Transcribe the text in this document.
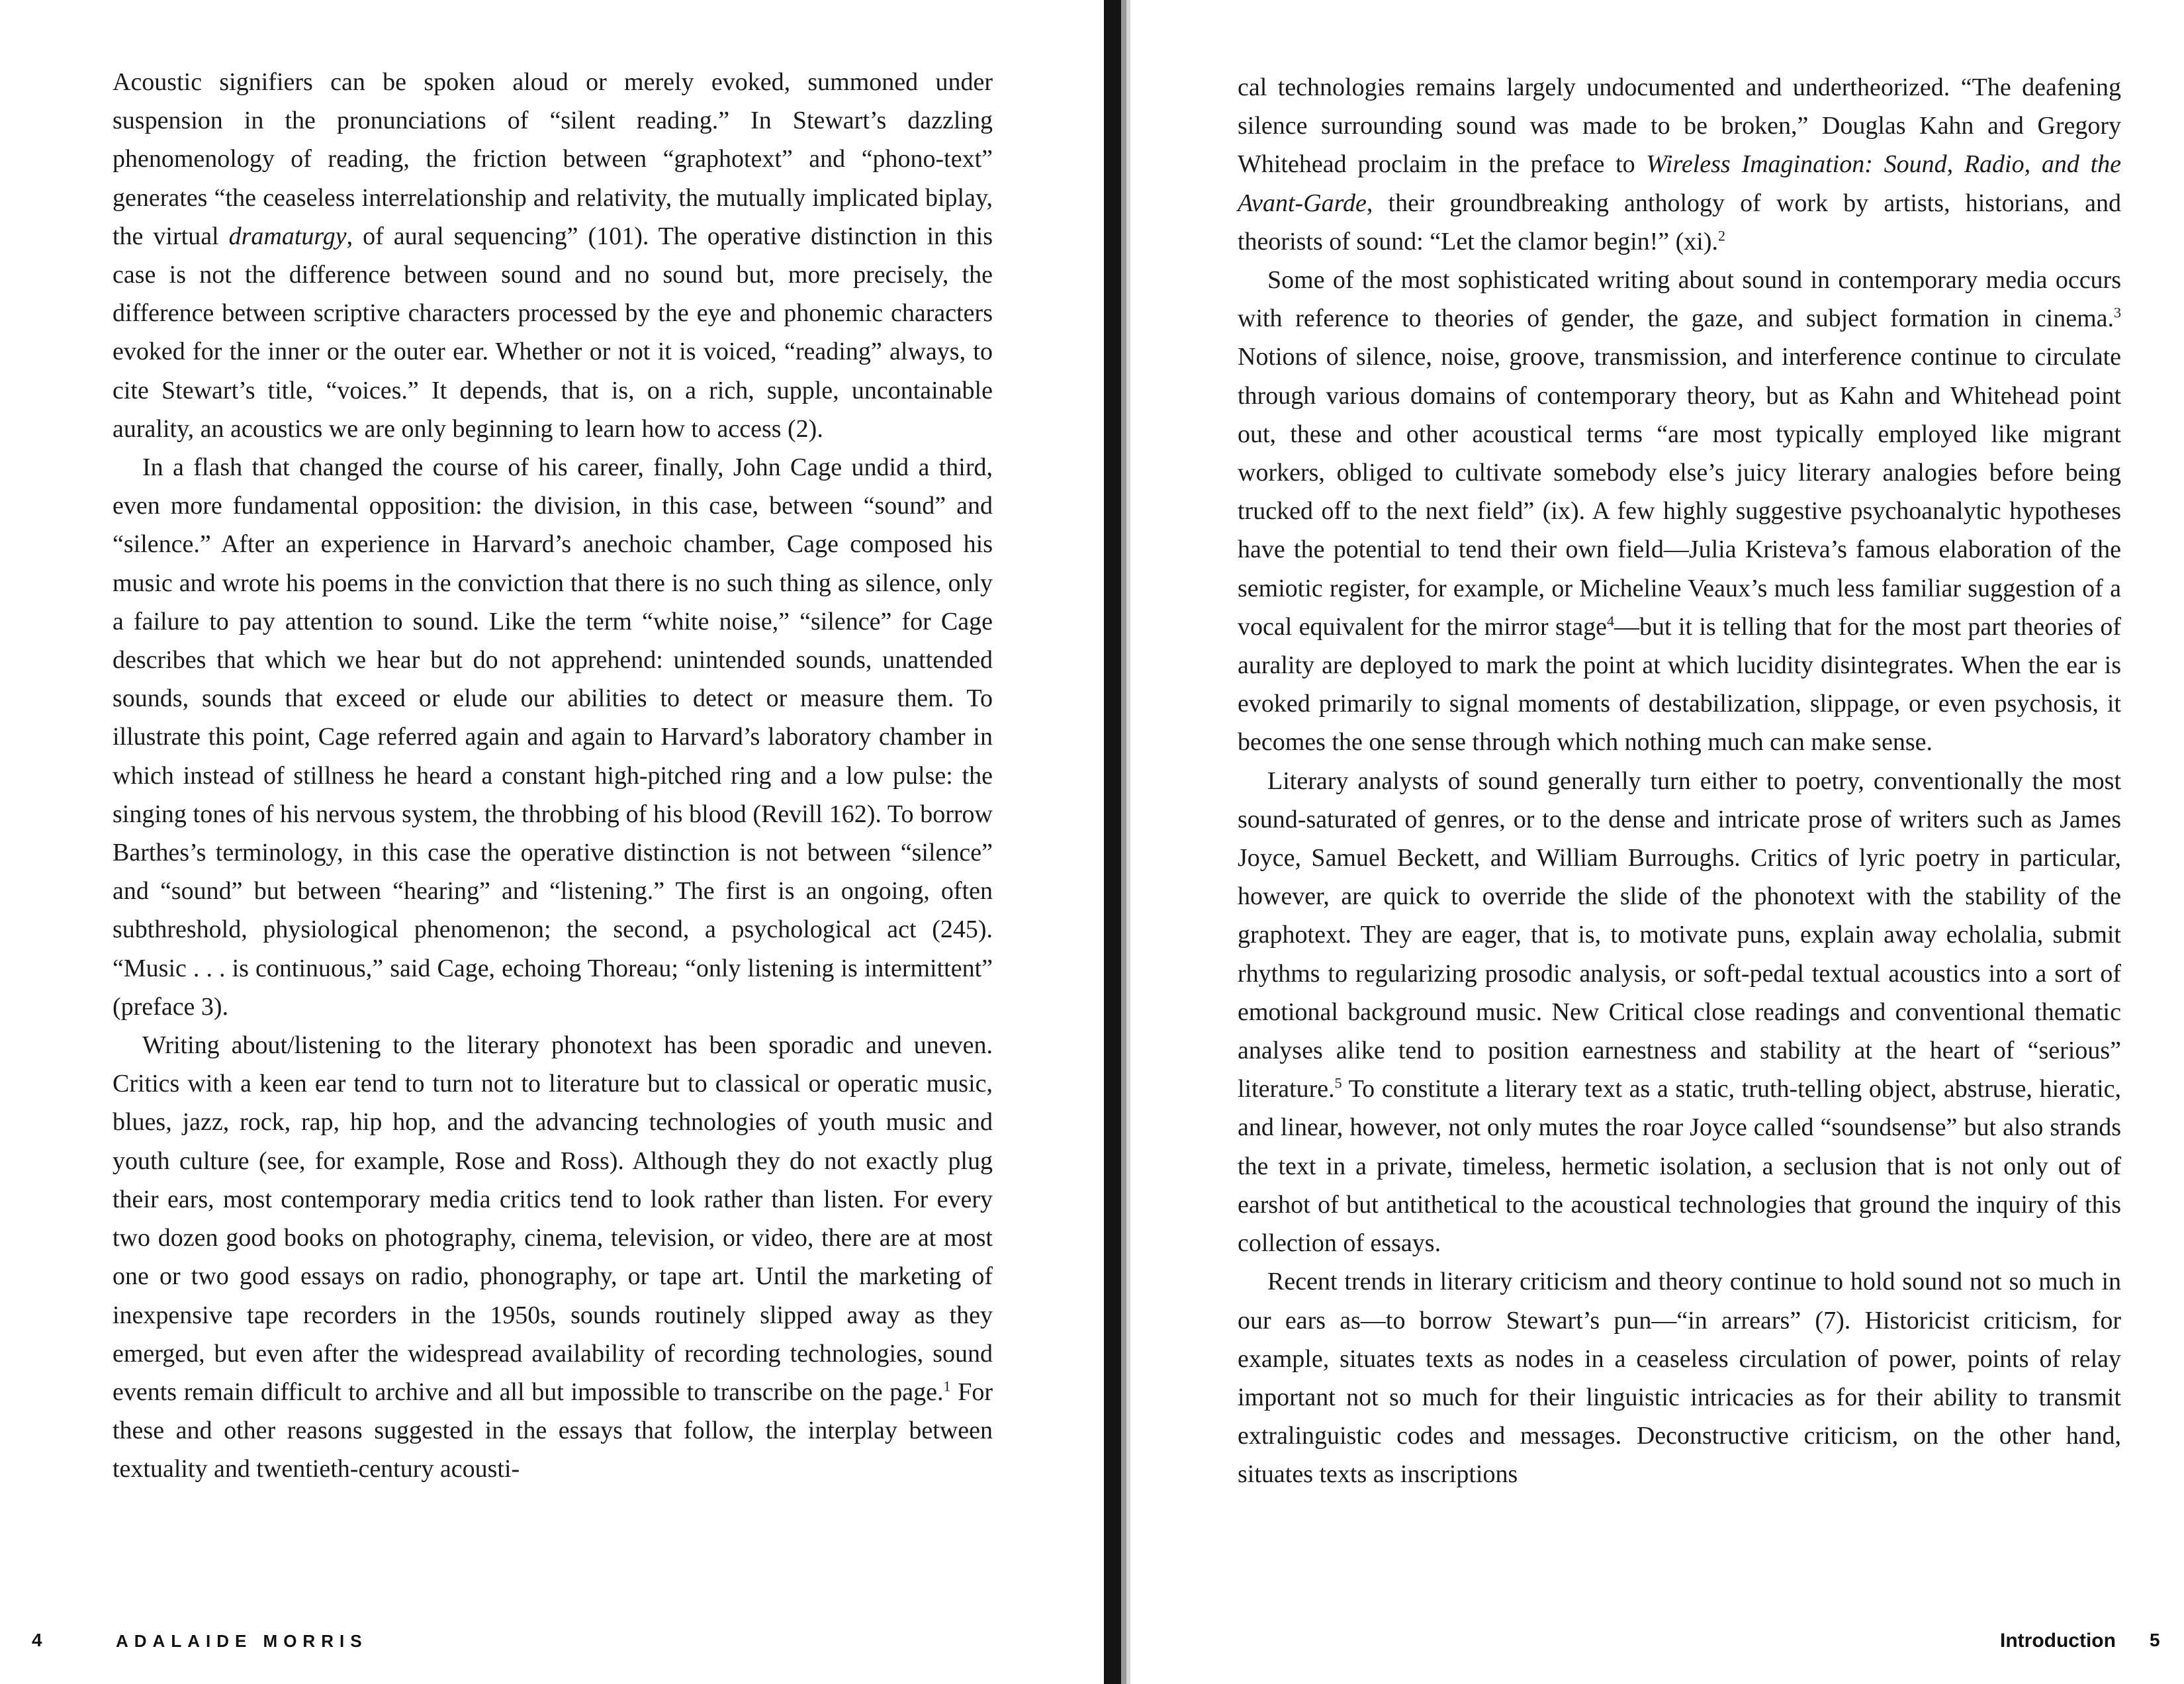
Acoustic signifiers can be spoken aloud or merely evoked, summoned under suspension in the pronunciations of “silent reading.” In Stewart’s dazzling phenomenology of reading, the friction between “graphotext” and “phono-text” generates “the ceaseless interrelationship and relativity, the mutually implicated biplay, the virtual dramaturgy, of aural sequencing” (101). The operative distinction in this case is not the difference between sound and no sound but, more precisely, the difference between scriptive characters processed by the eye and phonemic characters evoked for the inner or the outer ear. Whether or not it is voiced, “reading” always, to cite Stewart’s title, “voices.” It depends, that is, on a rich, supple, uncontainable aurality, an acoustics we are only beginning to learn how to access (2).

In a flash that changed the course of his career, finally, John Cage undid a third, even more fundamental opposition: the division, in this case, between “sound” and “silence.” After an experience in Harvard’s anechoic chamber, Cage composed his music and wrote his poems in the conviction that there is no such thing as silence, only a failure to pay attention to sound. Like the term “white noise,” “silence” for Cage describes that which we hear but do not apprehend: unintended sounds, unattended sounds, sounds that exceed or elude our abilities to detect or measure them. To illustrate this point, Cage referred again and again to Harvard’s laboratory chamber in which instead of stillness he heard a constant high-pitched ring and a low pulse: the singing tones of his nervous system, the throbbing of his blood (Revill 162). To borrow Barthes’s terminology, in this case the operative distinction is not between “silence” and “sound” but between “hearing” and “listening.” The first is an ongoing, often subthreshold, physiological phenomenon; the second, a psychological act (245). “Music . . . is continuous,” said Cage, echoing Thoreau; “only listening is intermittent” (preface 3).

Writing about/listening to the literary phonotext has been sporadic and uneven. Critics with a keen ear tend to turn not to literature but to classical or operatic music, blues, jazz, rock, rap, hip hop, and the advancing technologies of youth music and youth culture (see, for example, Rose and Ross). Although they do not exactly plug their ears, most contemporary media critics tend to look rather than listen. For every two dozen good books on photography, cinema, television, or video, there are at most one or two good essays on radio, phonography, or tape art. Until the marketing of inexpensive tape recorders in the 1950s, sounds routinely slipped away as they emerged, but even after the widespread availability of recording technologies, sound events remain difficult to archive and all but impossible to transcribe on the page.$^1$ For these and other reasons suggested in the essays that follow, the interplay between textuality and twentieth-century acousti-

4	ADALAIDE MORRIS

cal technologies remains largely undocumented and undertheorized. “The deafening silence surrounding sound was made to be broken,” Douglas Kahn and Gregory Whitehead proclaim in the preface to Wireless Imagination: Sound, Radio, and the Avant-Garde, their groundbreaking anthology of work by artists, historians, and theorists of sound: “Let the clamor begin!” (xi).$^2$

Some of the most sophisticated writing about sound in contemporary media occurs with reference to theories of gender, the gaze, and subject formation in cinema.$^3$ Notions of silence, noise, groove, transmission, and interference continue to circulate through various domains of contemporary theory, but as Kahn and Whitehead point out, these and other acoustical terms “are most typically employed like migrant workers, obliged to cultivate somebody else’s juicy literary analogies before being trucked off to the next field” (ix). A few highly suggestive psychoanalytic hypotheses have the potential to tend their own field—Julia Kristeva’s famous elaboration of the semiotic register, for example, or Micheline Veaux’s much less familiar suggestion of a vocal equivalent for the mirror stage$^4$—but it is telling that for the most part theories of aurality are deployed to mark the point at which lucidity disintegrates. When the ear is evoked primarily to signal moments of destabilization, slippage, or even psychosis, it becomes the one sense through which nothing much can make sense.

Literary analysts of sound generally turn either to poetry, conventionally the most sound-saturated of genres, or to the dense and intricate prose of writers such as James Joyce, Samuel Beckett, and William Burroughs. Critics of lyric poetry in particular, however, are quick to override the slide of the phonotext with the stability of the graphotext. They are eager, that is, to motivate puns, explain away echolalia, submit rhythms to regularizing prosodic analysis, or soft-pedal textual acoustics into a sort of emotional background music. New Critical close readings and conventional thematic analyses alike tend to position earnestness and stability at the heart of “serious” literature.$^5$ To constitute a literary text as a static, truth-telling object, abstruse, hieratic, and linear, however, not only mutes the roar Joyce called “soundsense” but also strands the text in a private, timeless, hermetic isolation, a seclusion that is not only out of earshot of but antithetical to the acoustical technologies that ground the inquiry of this collection of essays.

Recent trends in literary criticism and theory continue to hold sound not so much in our ears as—to borrow Stewart’s pun—“in arrears” (7). Historicist criticism, for example, situates texts as nodes in a ceaseless circulation of power, points of relay important not so much for their linguistic intricacies as for their ability to transmit extralinguistic codes and messages. Deconstructive criticism, on the other hand, situates texts as inscriptions

Introduction 5
